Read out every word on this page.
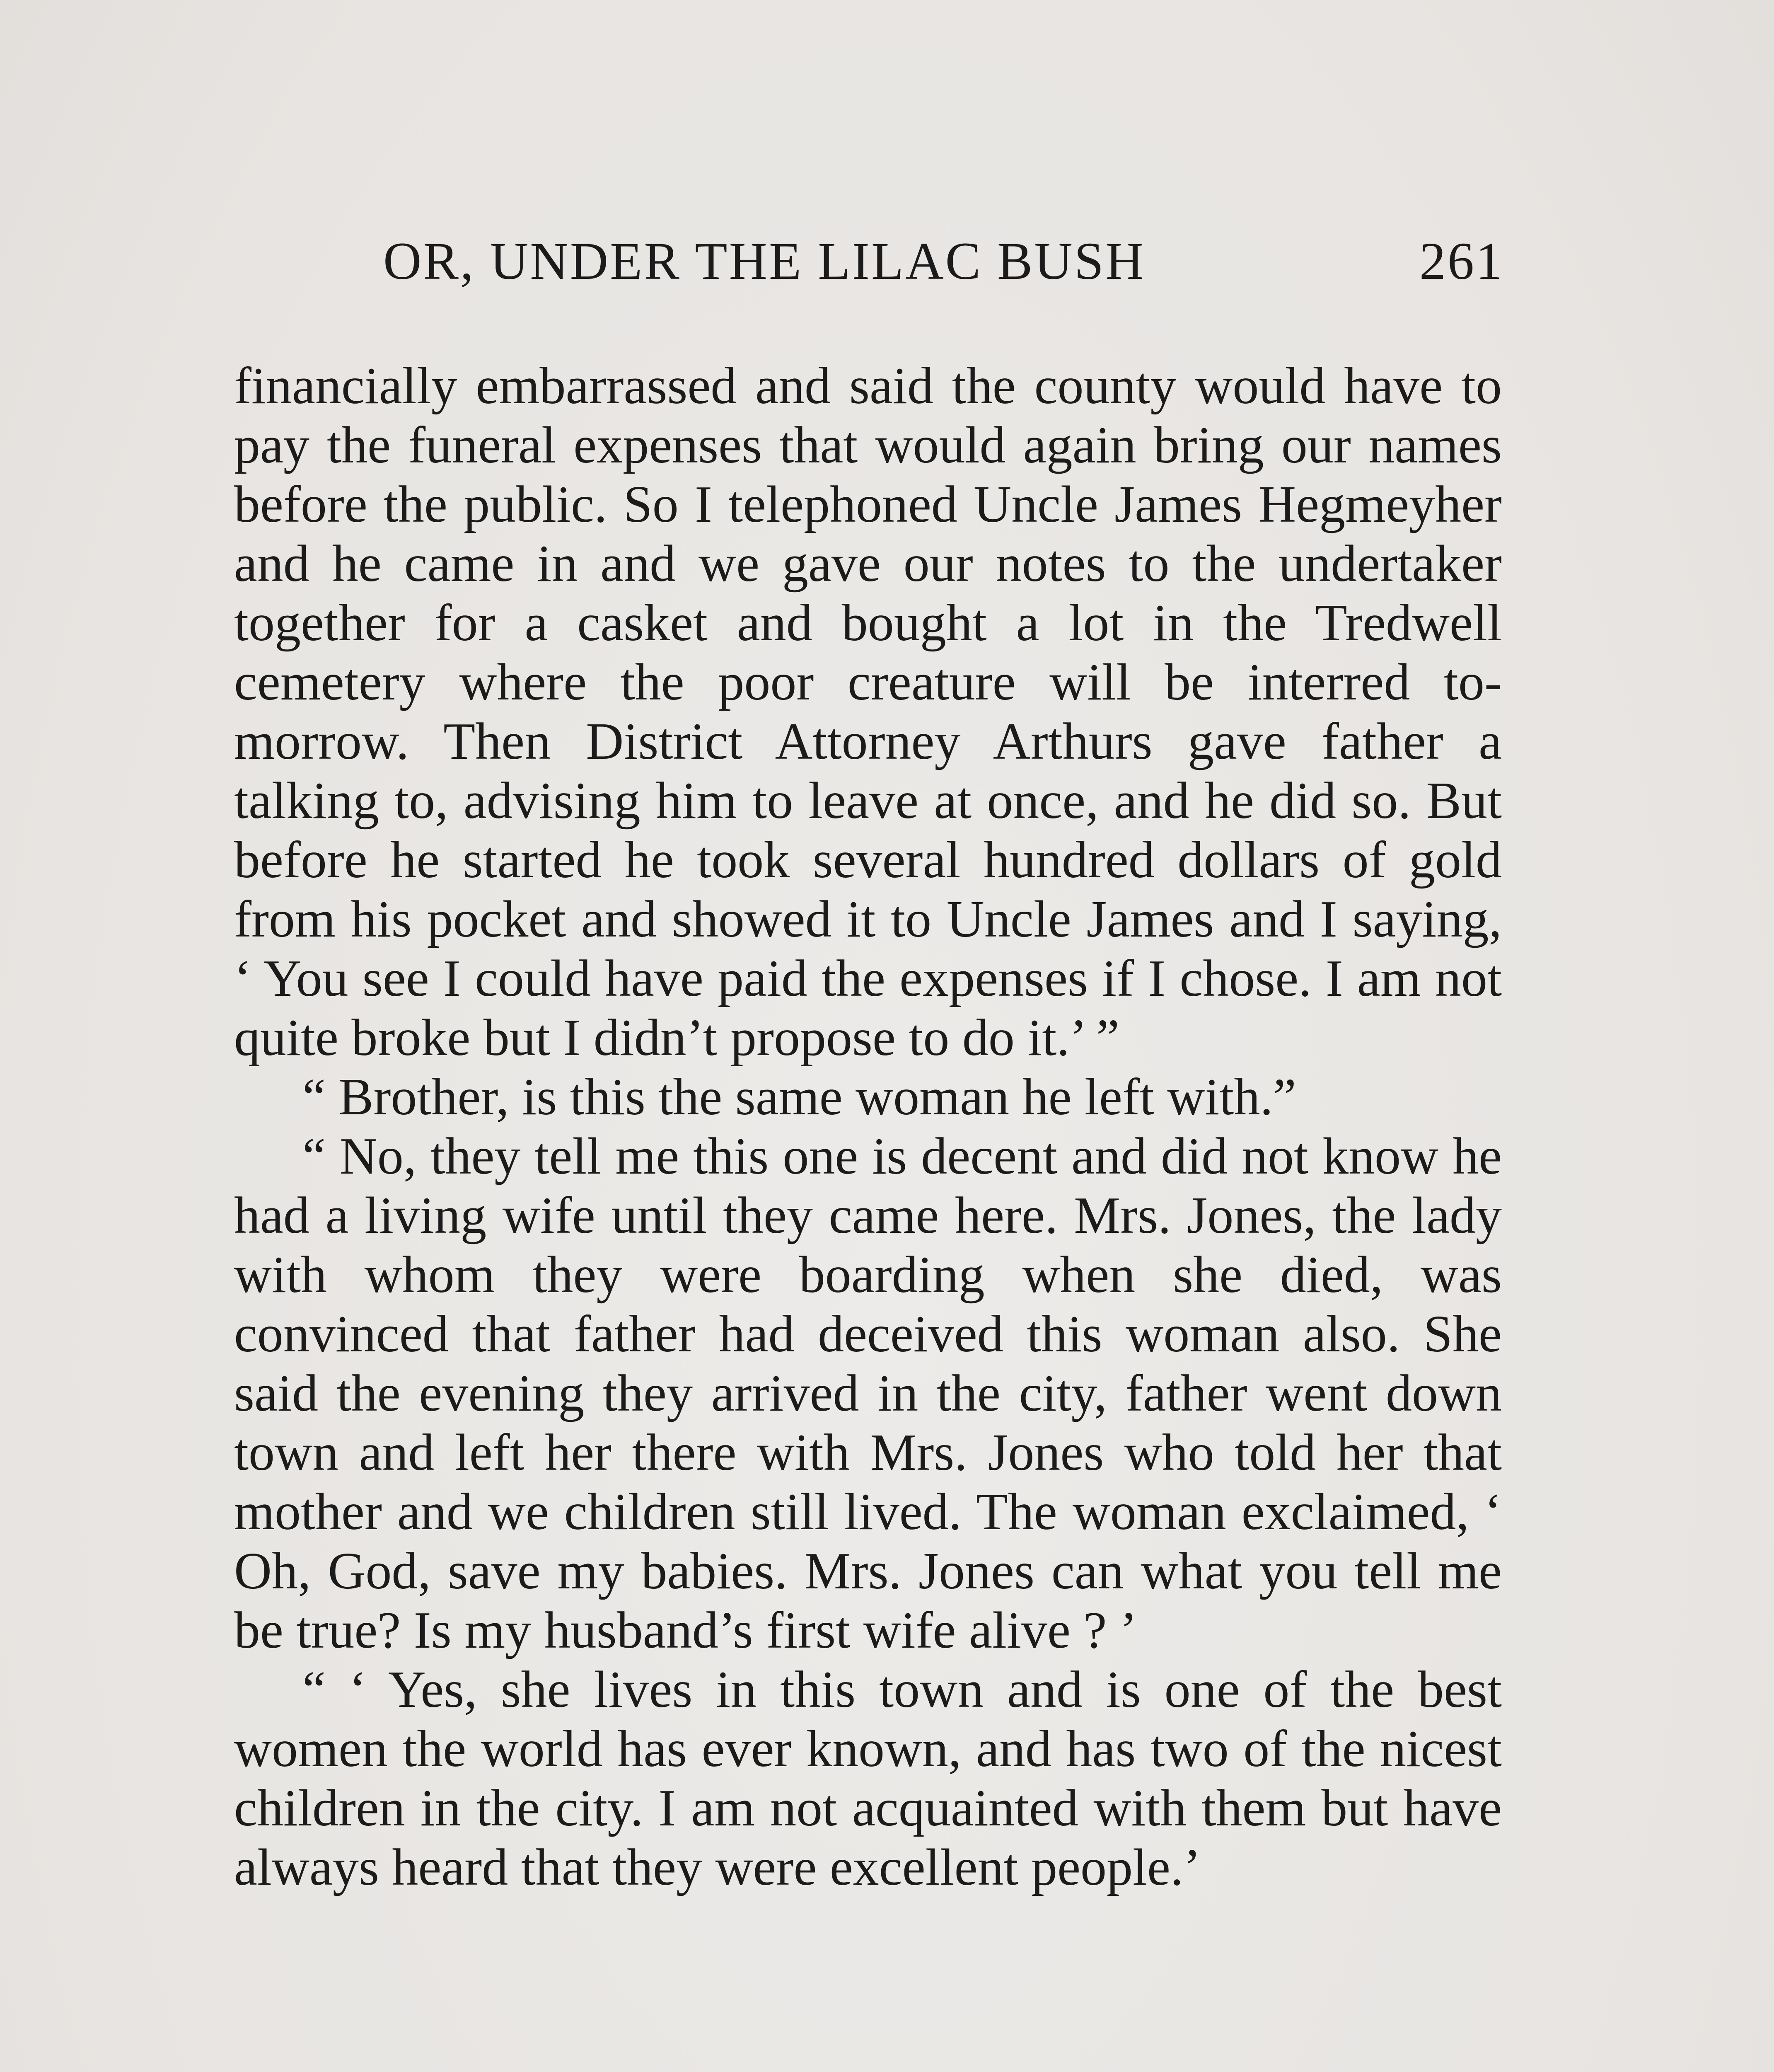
OR, UNDER THE LILAC BUSH	261

financially embarrassed and said the county would have to pay the funeral expenses that would again bring our names before the public. So I telephoned Uncle James Hegmeyher and he came in and we gave our notes to the undertaker together for a casket and bought a lot in the Tredwell cemetery where the poor creature will be interred to-morrow. Then District Attorney Arthurs gave father a talking to, advising him to leave at once, and he did so. But before he started he took several hundred dollars of gold from his pocket and showed it to Uncle James and I saying, ‘ You see I could have paid the expenses if I chose. I am not quite broke but I didn’t propose to do it.’ ”

“ Brother, is this the same woman he left with.”

“ No, they tell me this one is decent and did not know he had a living wife until they came here. Mrs. Jones, the lady with whom they were boarding when she died, was convinced that father had deceived this woman also. She said the evening they arrived in the city, father went down town and left her there with Mrs. Jones who told her that mother and we children still lived. The woman exclaimed, ‘ Oh, God, save my babies. Mrs. Jones can what you tell me be true? Is my husband’s first wife alive ? ’

“ ‘ Yes, she lives in this town and is one of the best women the world has ever known, and has two of the nicest children in the city. I am not acquainted with them but have always heard that they were excellent people.’
